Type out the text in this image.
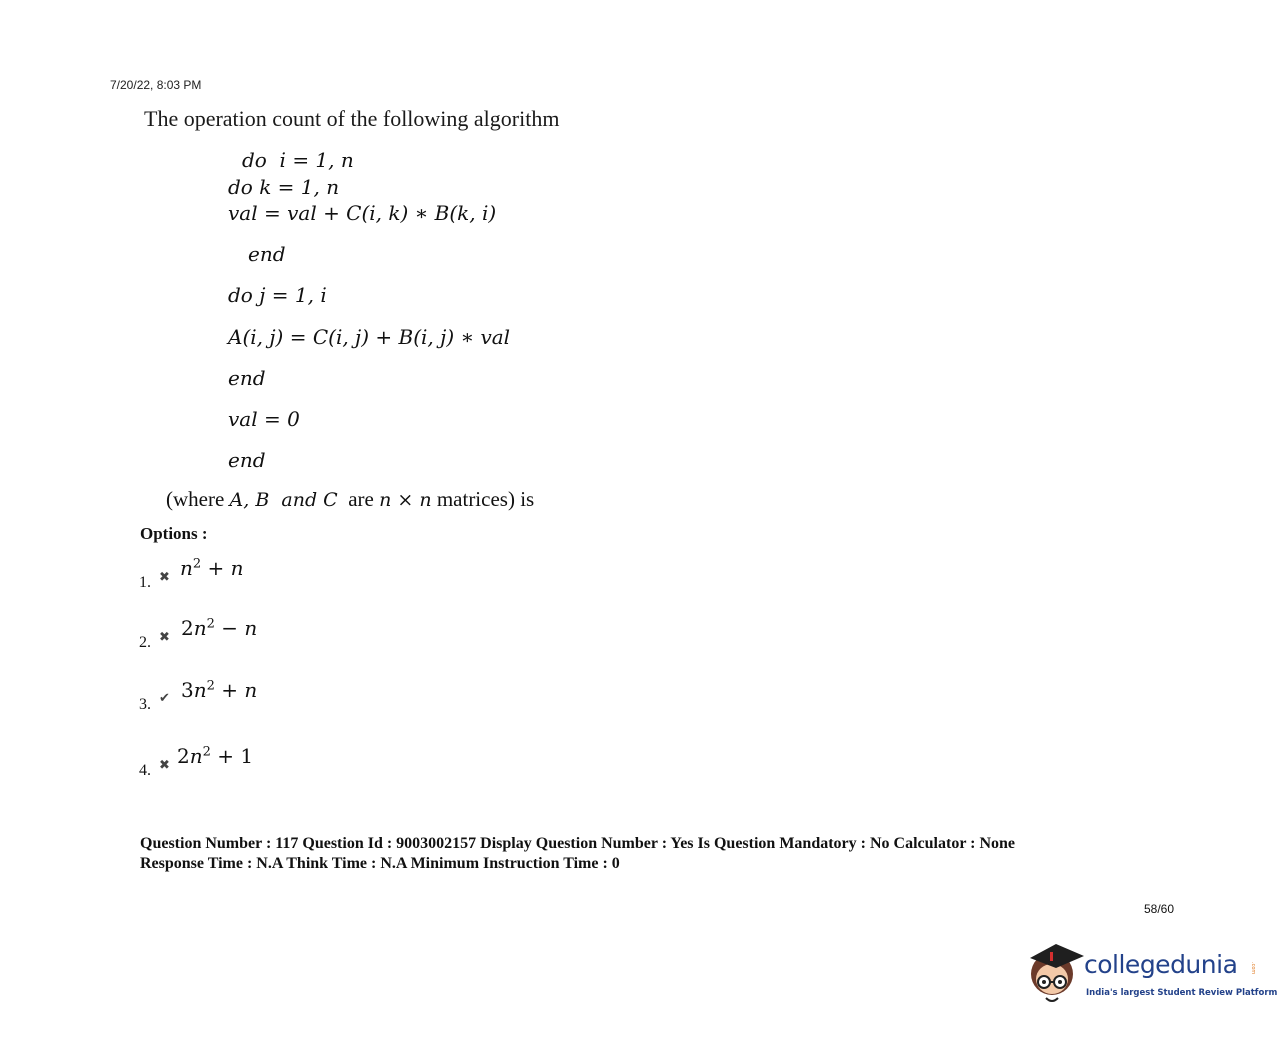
7/20/22, 8:03 PM
The operation count of the following algorithm
do  i = 1, n
do k = 1, n
val = val + C(i, k) ∗ B(k, i)
end
do j = 1, i
A(i, j) = C(i, j) + B(i, j) ∗ val
end
val = 0
end
(where A, B  and C  are n × n matrices) is
Options :
1. ✖ $n^2 + n$
2. ✖ $2n^2 - n$
3. ✔ $3n^2 + n$
4. ✖ $2n^2 + 1$
Question Number : 117 Question Id : 9003002157 Display Question Number : Yes Is Question Mandatory : No Calculator : None
Response Time : N.A Think Time : N.A Minimum Instruction Time : 0
58/60
collegedunia	.com
India's largest Student Review Platform
